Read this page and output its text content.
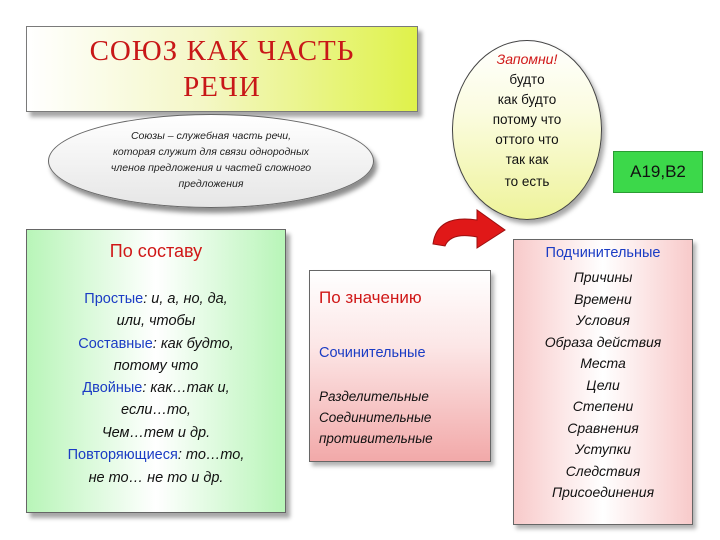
СОЮЗ КАК ЧАСТЬ
РЕЧИ
Союзы – служебная часть речи,
которая служит для связи однородных
членов предложения и частей сложного
предложения
Запомни!
будто
как будто
потому что
оттого что
так как
то есть
А19,В2
По составу
Простые: и, а, но, да,
или, чтобы
Составные: как будто,
потому что
Двойные: как…так и,
если…то,
Чем…тем и др.
Повторяющиеся: то…то,
не то… не то и др.
По значению
Сочинительные
Разделительные
Соединительные
противительные
Подчинительные
Причины
Времени
Условия
Образа действия
Места
Цели
Степени
Сравнения
Уступки
Следствия
Присоединения
